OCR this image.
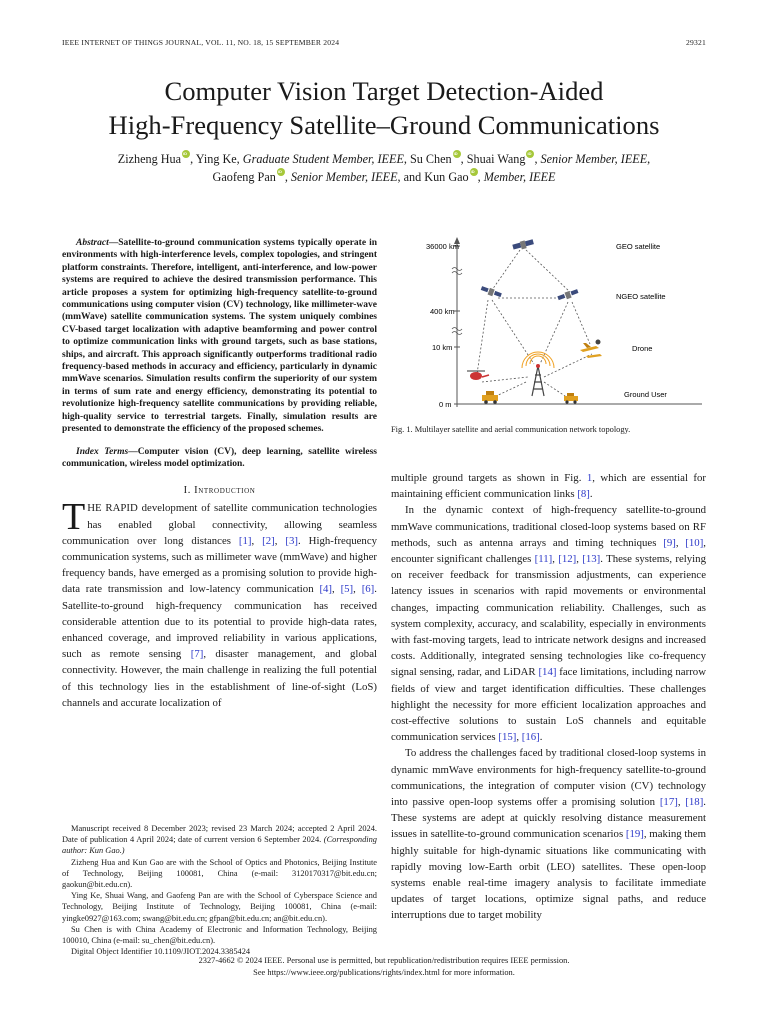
IEEE INTERNET OF THINGS JOURNAL, VOL. 11, NO. 18, 15 SEPTEMBER 2024	29321
Computer Vision Target Detection-Aided
High-Frequency Satellite–Ground Communications
Zizheng Hua iD , Ying Ke, Graduate Student Member, IEEE, Su Chen iD , Shuai Wang iD , Senior Member, IEEE,
Gaofeng Pan iD , Senior Member, IEEE, and Kun Gao iD , Member, IEEE

Abstract—Satellite-to-ground communication systems typically operate in environments with high-interference levels, complex topologies, and stringent platform constraints. Therefore, intelligent, anti-interference, and low-power systems are required to achieve the desired transmission performance. This article proposes a system for optimizing high-frequency satellite-to-ground communications using computer vision (CV) technology, like millimeter-wave (mmWave) satellite communication systems. The system uniquely combines CV-based target localization with adaptive beamforming and power control to optimize communication links with ground targets, such as base stations, ships, and aircraft. This approach significantly outperforms traditional radio frequency-based methods in accuracy and efficiency, particularly in dynamic mmWave scenarios. Simulation results confirm the superiority of our system in terms of sum rate and energy efficiency, demonstrating its potential to revolutionize high-frequency satellite communications by providing reliable, high-quality service to terrestrial targets. Finally, simulation results are presented to demonstrate the efficiency of the proposed schemes.

Index Terms—Computer vision (CV), deep learning, satellite wireless communication, wireless model optimization.

I. Introduction

THE RAPID development of satellite communication technologies has enabled global connectivity, allowing seamless communication over long distances [1], [2], [3]. High-frequency communication systems, such as millimeter wave (mmWave) and higher frequency bands, have emerged as a promising solution to provide high-data rate transmission and low-latency communication [4], [5], [6]. Satellite-to-ground high-frequency communication has received considerable attention due to its potential to provide high-data rates, enhanced coverage, and improved reliability in various applications, such as remote sensing [7], disaster management, and global connectivity. However, the main challenge in realizing the full potential of this technology lies in the establishment of line-of-sight (LoS) channels and accurate localization of

36000 km
400 km
10 km
0 m
GEO satellite
NGEO satellite
Drone
Ground User
Fig. 1. Multilayer satellite and aerial communication network topology.

multiple ground targets as shown in Fig. 1, which are essential for maintaining efficient communication links [8].

In the dynamic context of high-frequency satellite-to-ground mmWave communications, traditional closed-loop systems based on RF methods, such as antenna arrays and timing techniques [9], [10], encounter significant challenges [11], [12], [13]. These systems, relying on receiver feedback for transmission adjustments, can experience latency issues in scenarios with rapid movements or environmental changes, impacting communication reliability. Challenges, such as system complexity, accuracy, and scalability, especially in environments with fast-moving targets, lead to intricate network designs and increased costs. Additionally, integrated sensing technologies like co-frequency signal sensing, radar, and LiDAR [14] face limitations, including narrow fields of view and target identification difficulties. These challenges highlight the necessity for more efficient localization approaches and cost-effective solutions to sustain LoS channels and equitable communication services [15], [16].

To address the challenges faced by traditional closed-loop systems in dynamic mmWave environments for high-frequency satellite-to-ground communications, the integration of computer vision (CV) technology into passive open-loop systems offer a promising solution [17], [18]. These systems are adept at quickly resolving distance measurement issues in satellite-to-ground communication scenarios [19], making them highly suitable for high-dynamic situations like communicating with rapidly moving low-Earth orbit (LEO) satellites. These open-loop systems enable real-time imagery analysis to facilitate immediate updates of target locations, optimize signal paths, and reduce interruptions due to target mobility

Manuscript received 8 December 2023; revised 23 March 2024; accepted 2 April 2024. Date of publication 4 April 2024; date of current version 6 September 2024. (Corresponding author: Kun Gao.)

Zizheng Hua and Kun Gao are with the School of Optics and Photonics, Beijing Institute of Technology, Beijing 100081, China (e-mail: 3120170317@bit.edu.cn; gaokun@bit.edu.cn).

Ying Ke, Shuai Wang, and Gaofeng Pan are with the School of Cyberspace Science and Technology, Beijing Institute of Technology, Beijing 100081, China (e-mail: yingke0927@163.com; swang@bit.edu.cn; gfpan@bit.edu.cn; an@bit.edu.cn).

Su Chen is with China Academy of Electronic and Information Technology, Beijing 100010, China (e-mail: su_chen@bit.edu.cn).

Digital Object Identifier 10.1109/JIOT.2024.3385424

2327-4662 © 2024 IEEE. Personal use is permitted, but republication/redistribution requires IEEE permission.
See https://www.ieee.org/publications/rights/index.html for more information.
